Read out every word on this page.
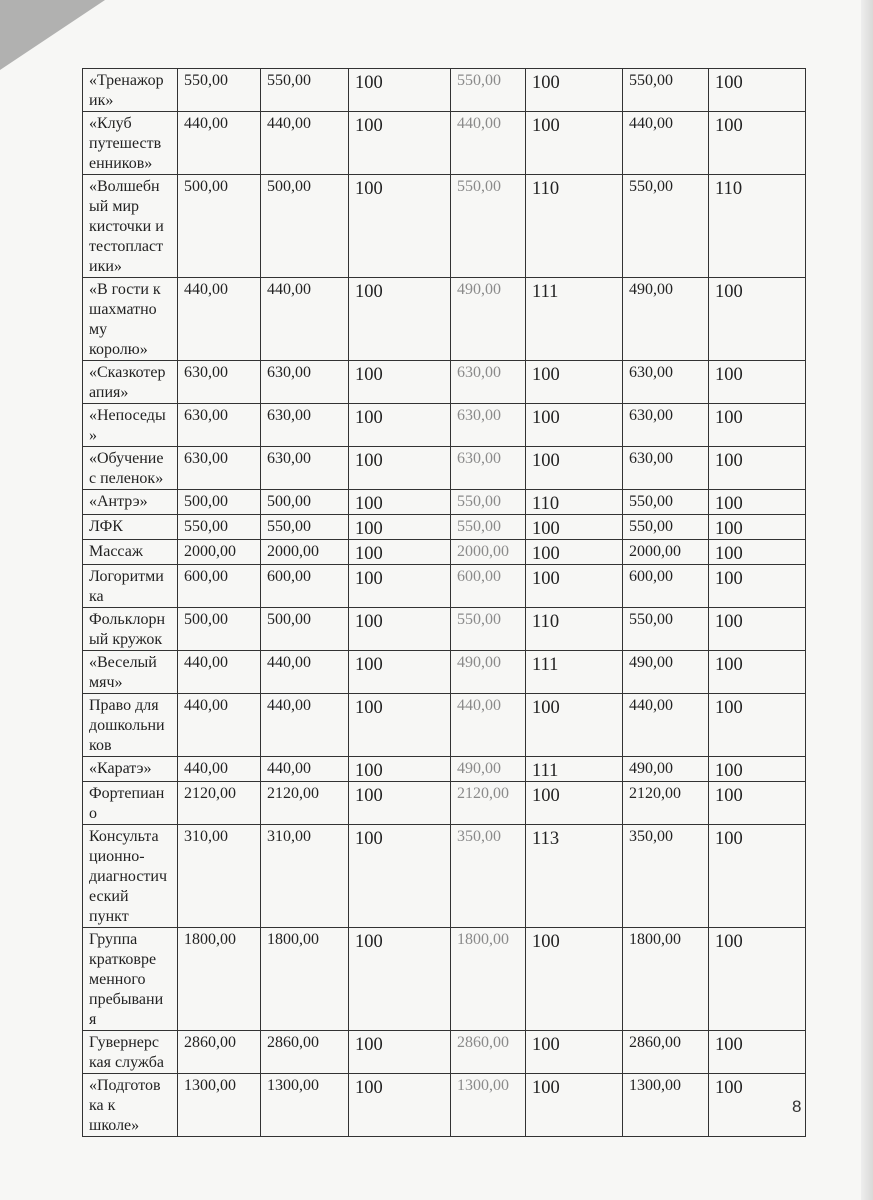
«Тренажор
ик»	550,00	550,00	100	550,00	100	550,00	100
«Клуб
путешеств
енников»	440,00	440,00	100	440,00	100	440,00	100
«Волшебн
ый мир
кисточки и
тестопласт
ики»	500,00	500,00	100	550,00	110	550,00	110
«В гости к
шахматно
му
королю»	440,00	440,00	100	490,00	111	490,00	100
«Сказкотер
апия»	630,00	630,00	100	630,00	100	630,00	100
«Непоседы
»	630,00	630,00	100	630,00	100	630,00	100
«Обучение
с пеленок»	630,00	630,00	100	630,00	100	630,00	100
«Антрэ»	500,00	500,00	100	550,00	110	550,00	100
ЛФК	550,00	550,00	100	550,00	100	550,00	100
Массаж	2000,00	2000,00	100	2000,00	100	2000,00	100
Логоритми
ка	600,00	600,00	100	600,00	100	600,00	100
Фольклорн
ый кружок	500,00	500,00	100	550,00	110	550,00	100
«Веселый
мяч»	440,00	440,00	100	490,00	111	490,00	100
Право для
дошкольни
ков	440,00	440,00	100	440,00	100	440,00	100
«Каратэ»	440,00	440,00	100	490,00	111	490,00	100
Фортепиан
о	2120,00	2120,00	100	2120,00	100	2120,00	100
Консульта
ционно-
диагностич
еский
пункт	310,00	310,00	100	350,00	113	350,00	100
Группа
кратковре
менного
пребывани
я	1800,00	1800,00	100	1800,00	100	1800,00	100
Гувернерс
кая служба	2860,00	2860,00	100	2860,00	100	2860,00	100
«Подготов
ка к
школе»	1300,00	1300,00	100	1300,00	100	1300,00	100
8
